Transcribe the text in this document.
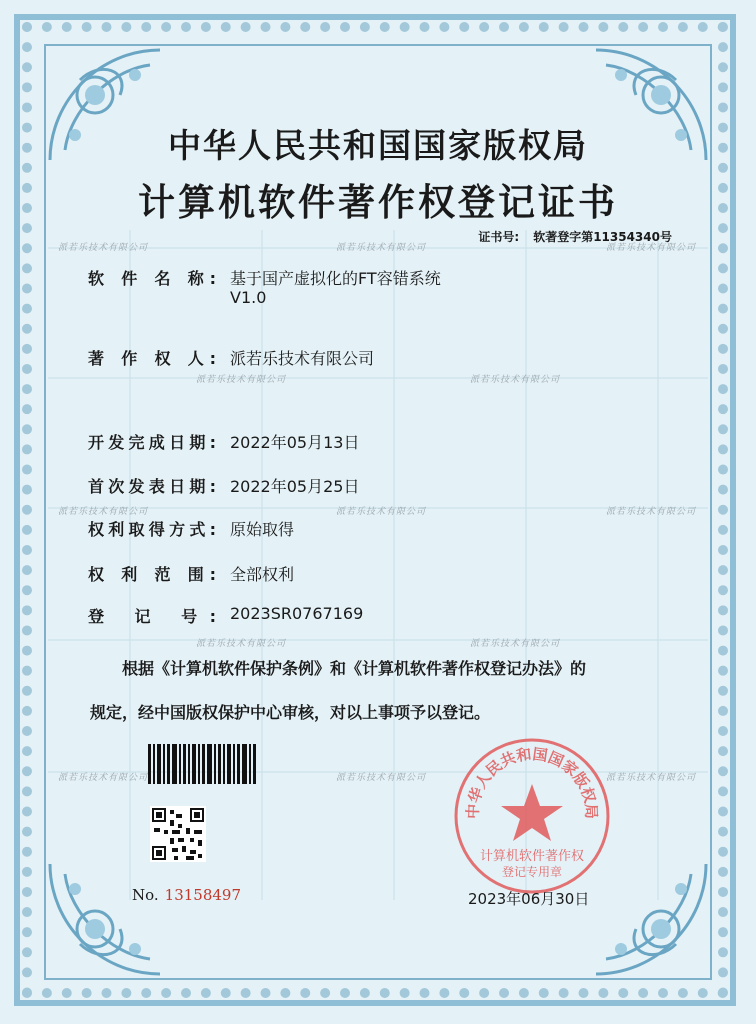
派若乐技术有限公司	派若乐技术有限公司	派若乐技术有限公司
派若乐技术有限公司	派若乐技术有限公司
派若乐技术有限公司	派若乐技术有限公司	派若乐技术有限公司
派若乐技术有限公司	派若乐技术有限公司
派若乐技术有限公司	派若乐技术有限公司	派若乐技术有限公司
中华人民共和国国家版权局
计算机软件著作权登记证书
证书号: 软著登字第11354340号
软 件 名 称: 基于国产虚拟化的FT容错系统
V1.0
著 作 权 人: 派若乐技术有限公司
开发完成日期: 2022年05月13日
首次发表日期: 2022年05月25日
权利取得方式: 原始取得
权 利 范 围: 全部权利
登 记 号: 2023SR0767169
根据《计算机软件保护条例》和《计算机软件著作权登记办法》的
规定，经中国版权保护中心审核，对以上事项予以登记。
No. 13158497
中华人民共和国国家版权局
计算机软件著作权
登记专用章
2023年06月30日
